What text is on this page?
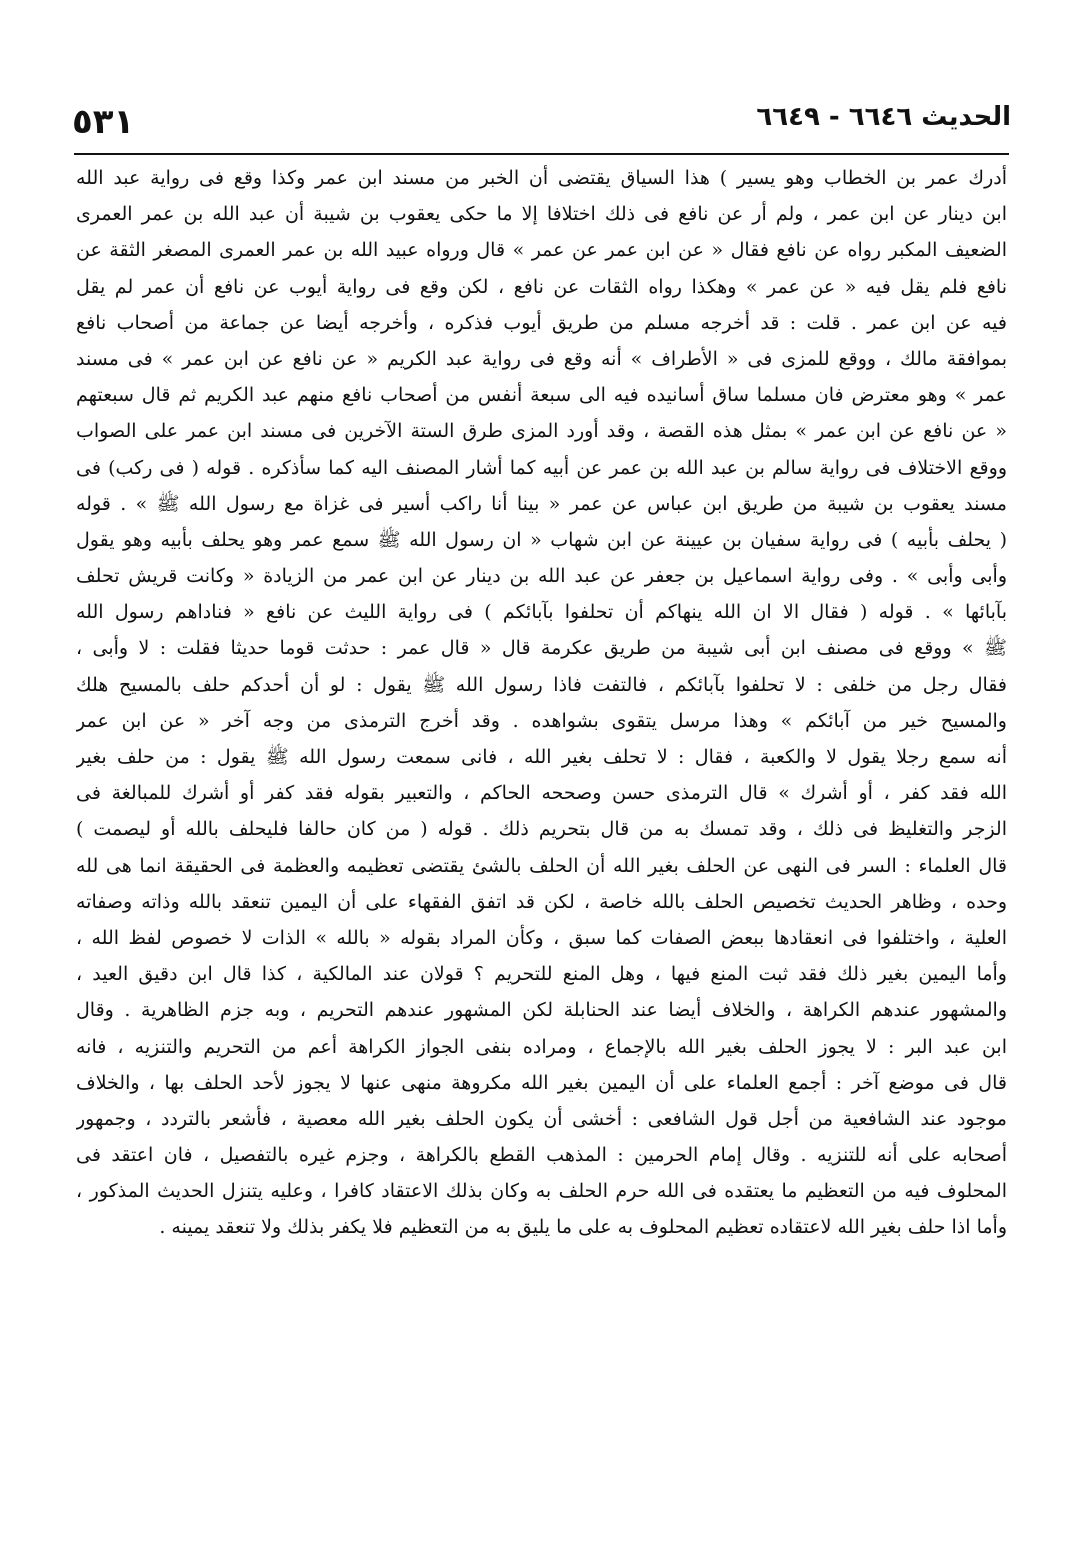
الحديث ٦٦٤٦ - ٦٦٤٩
٥٣١
أدرك عمر بن الخطاب وهو يسير ) هذا السياق يقتضى أن الخبر من مسند ابن عمر وكذا وقع فى رواية عبد الله
ابن دينار عن ابن عمر ، ولم أر عن نافع فى ذلك اختلافا إلا ما حكى يعقوب بن شيبة أن عبد الله بن عمر العمرى
الضعيف المكبر رواه عن نافع فقال « عن ابن عمر عن عمر » قال ورواه عبيد الله بن عمر العمرى المصغر الثقة عن
نافع فلم يقل فيه « عن عمر » وهكذا رواه الثقات عن نافع ، لكن وقع فى رواية أيوب عن نافع أن عمر لم يقل
فيه عن ابن عمر . قلت : قد أخرجه مسلم من طريق أيوب فذكره ، وأخرجه أيضا عن جماعة من أصحاب نافع
بموافقة مالك ، ووقع للمزى فى « الأطراف » أنه وقع فى رواية عبد الكريم « عن نافع عن ابن عمر » فى مسند
عمر » وهو معترض فان مسلما ساق أسانيده فيه الى سبعة أنفس من أصحاب نافع منهم عبد الكريم ثم قال سبعتهم
« عن نافع عن ابن عمر » بمثل هذه القصة ، وقد أورد المزى طرق الستة الآخرين فى مسند ابن عمر على الصواب
ووقع الاختلاف فى رواية سالم بن عبد الله بن عمر عن أبيه كما أشار المصنف اليه كما سأذكره . قوله ( فى ركب) فى
مسند يعقوب بن شيبة من طريق ابن عباس عن عمر « بينا أنا راكب أسير فى غزاة مع رسول الله ﷺ » . قوله
( يحلف بأبيه ) فى رواية سفيان بن عيينة عن ابن شهاب « ان رسول الله ﷺ سمع عمر وهو يحلف بأبيه وهو يقول
وأبى وأبى » . وفى رواية اسماعيل بن جعفر عن عبد الله بن دينار عن ابن عمر من الزيادة « وكانت قريش تحلف
بآبائها » . قوله ( فقال الا ان الله ينهاكم أن تحلفوا بآبائكم ) فى رواية الليث عن نافع « فناداهم رسول الله
ﷺ » ووقع فى مصنف ابن أبى شيبة من طريق عكرمة قال « قال عمر : حدثت قوما حديثا فقلت : لا وأبى ،
فقال رجل من خلفى : لا تحلفوا بآبائكم ، فالتفت فاذا رسول الله ﷺ يقول : لو أن أحدكم حلف بالمسيح هلك
والمسيح خير من آبائكم » وهذا مرسل يتقوى بشواهده . وقد أخرج الترمذى من وجه آخر « عن ابن عمر
أنه سمع رجلا يقول لا والكعبة ، فقال : لا تحلف بغير الله ، فانى سمعت رسول الله ﷺ يقول : من حلف بغير
الله فقد كفر ، أو أشرك » قال الترمذى حسن وصححه الحاكم ، والتعبير بقوله فقد كفر أو أشرك للمبالغة فى
الزجر والتغليظ فى ذلك ، وقد تمسك به من قال بتحريم ذلك . قوله ( من كان حالفا فليحلف بالله أو ليصمت )
قال العلماء : السر فى النهى عن الحلف بغير الله أن الحلف بالشئ يقتضى تعظيمه والعظمة فى الحقيقة انما هى لله
وحده ، وظاهر الحديث تخصيص الحلف بالله خاصة ، لكن قد اتفق الفقهاء على أن اليمين تنعقد بالله وذاته وصفاته
العلية ، واختلفوا فى انعقادها ببعض الصفات كما سبق ، وكأن المراد بقوله « بالله » الذات لا خصوص لفظ الله ،
وأما اليمين بغير ذلك فقد ثبت المنع فيها ، وهل المنع للتحريم ؟ قولان عند المالكية ، كذا قال ابن دقيق العيد ،
والمشهور عندهم الكراهة ، والخلاف أيضا عند الحنابلة لكن المشهور عندهم التحريم ، وبه جزم الظاهرية . وقال
ابن عبد البر : لا يجوز الحلف بغير الله بالإجماع ، ومراده بنفى الجواز الكراهة أعم من التحريم والتنزيه ، فانه
قال فى موضع آخر : أجمع العلماء على أن اليمين بغير الله مكروهة منهى عنها لا يجوز لأحد الحلف بها ، والخلاف
موجود عند الشافعية من أجل قول الشافعى : أخشى أن يكون الحلف بغير الله معصية ، فأشعر بالتردد ، وجمهور
أصحابه على أنه للتنزيه . وقال إمام الحرمين : المذهب القطع بالكراهة ، وجزم غيره بالتفصيل ، فان اعتقد فى
المحلوف فيه من التعظيم ما يعتقده فى الله حرم الحلف به وكان بذلك الاعتقاد كافرا ، وعليه يتنزل الحديث المذكور ،
وأما اذا حلف بغير الله لاعتقاده تعظيم المحلوف به على ما يليق به من التعظيم فلا يكفر بذلك ولا تنعقد يمينه .
